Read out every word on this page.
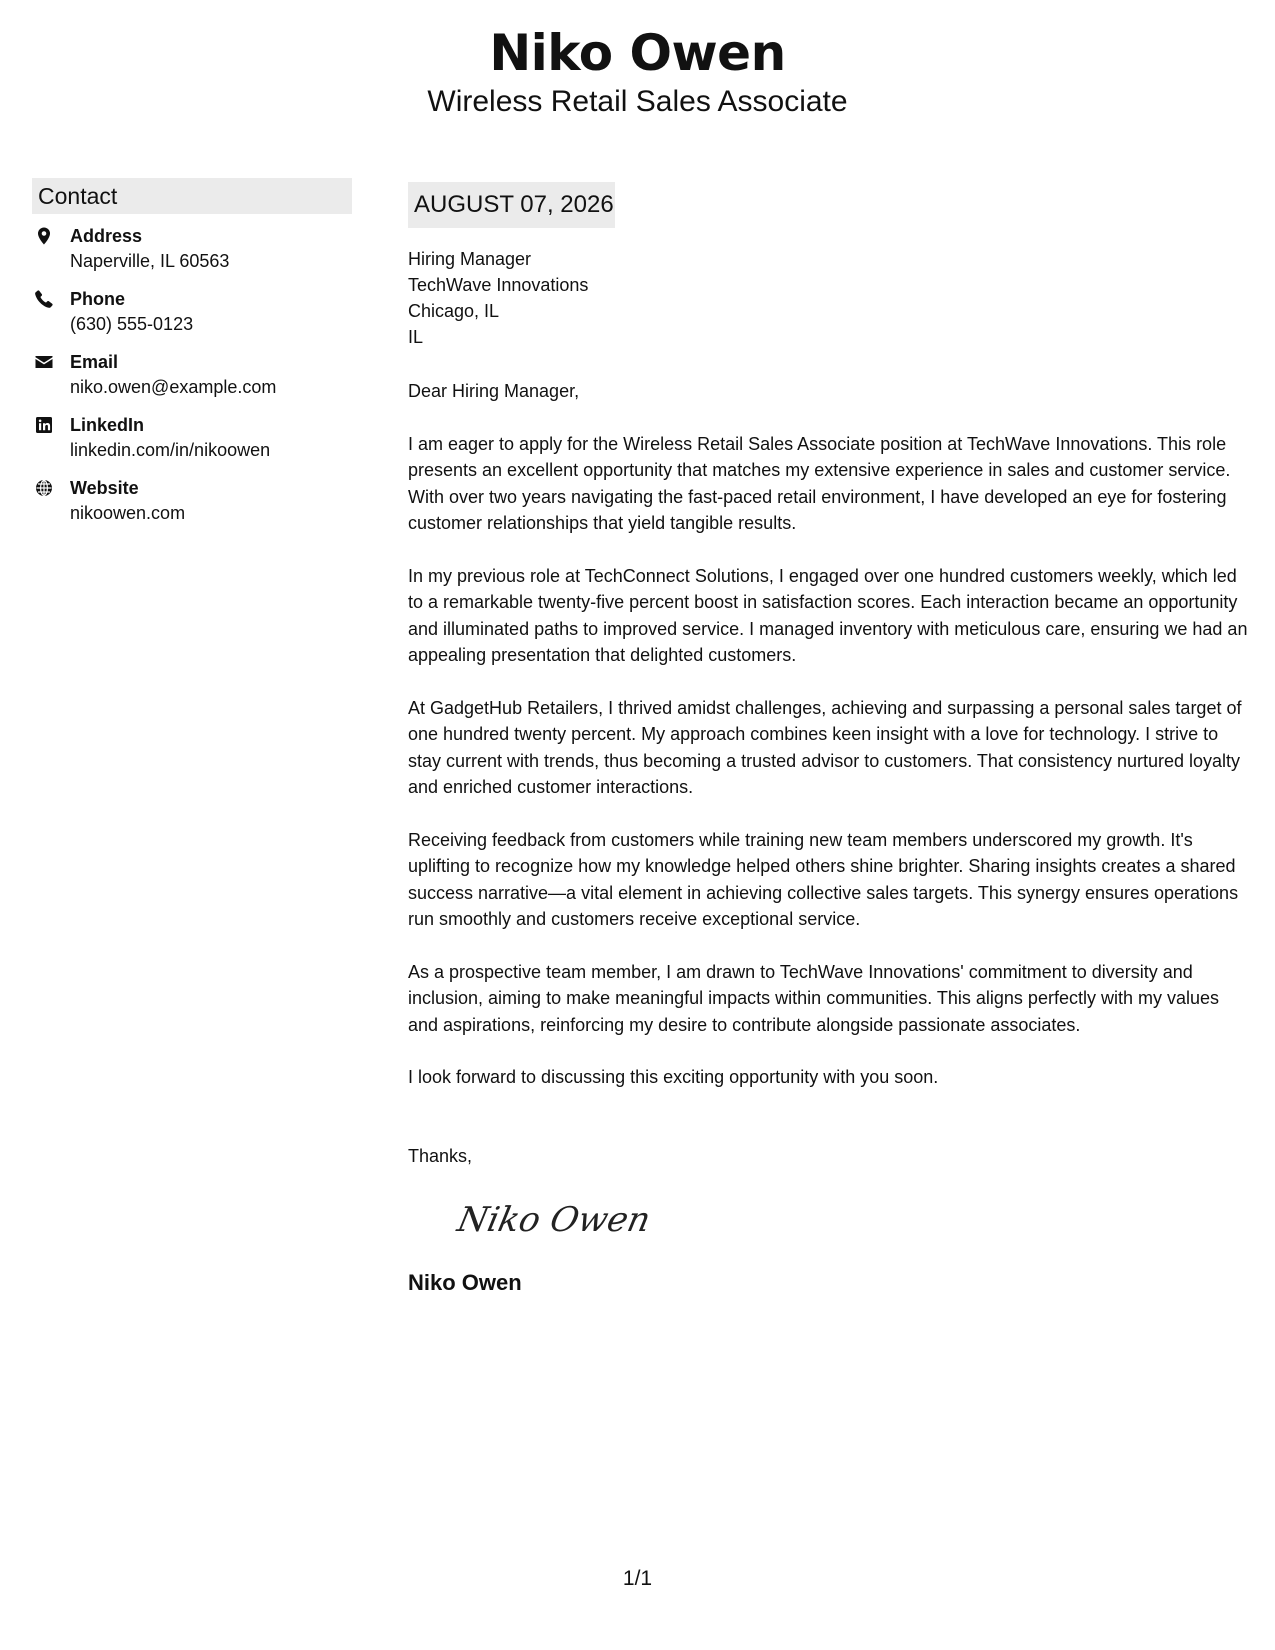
Niko Owen
Wireless Retail Sales Associate
Contact
Address
Naperville, IL 60563
Phone
(630) 555-0123
Email
niko.owen@example.com
LinkedIn
linkedin.com/in/nikoowen
Website
nikoowen.com
AUGUST 07, 2026
Hiring Manager
TechWave Innovations
Chicago, IL
IL
Dear Hiring Manager,
I am eager to apply for the Wireless Retail Sales Associate position at TechWave Innovations. This role presents an excellent opportunity that matches my extensive experience in sales and customer service. With over two years navigating the fast-paced retail environment, I have developed an eye for fostering customer relationships that yield tangible results.
In my previous role at TechConnect Solutions, I engaged over one hundred customers weekly, which led to a remarkable twenty-five percent boost in satisfaction scores. Each interaction became an opportunity and illuminated paths to improved service. I managed inventory with meticulous care, ensuring we had an appealing presentation that delighted customers.
At GadgetHub Retailers, I thrived amidst challenges, achieving and surpassing a personal sales target of one hundred twenty percent. My approach combines keen insight with a love for technology. I strive to stay current with trends, thus becoming a trusted advisor to customers. That consistency nurtured loyalty and enriched customer interactions.
Receiving feedback from customers while training new team members underscored my growth. It's uplifting to recognize how my knowledge helped others shine brighter. Sharing insights creates a shared success narrative—a vital element in achieving collective sales targets. This synergy ensures operations run smoothly and customers receive exceptional service.
As a prospective team member, I am drawn to TechWave Innovations' commitment to diversity and inclusion, aiming to make meaningful impacts within communities. This aligns perfectly with my values and aspirations, reinforcing my desire to contribute alongside passionate associates.
I look forward to discussing this exciting opportunity with you soon.
Thanks,
Niko Owen
Niko Owen
1/1
